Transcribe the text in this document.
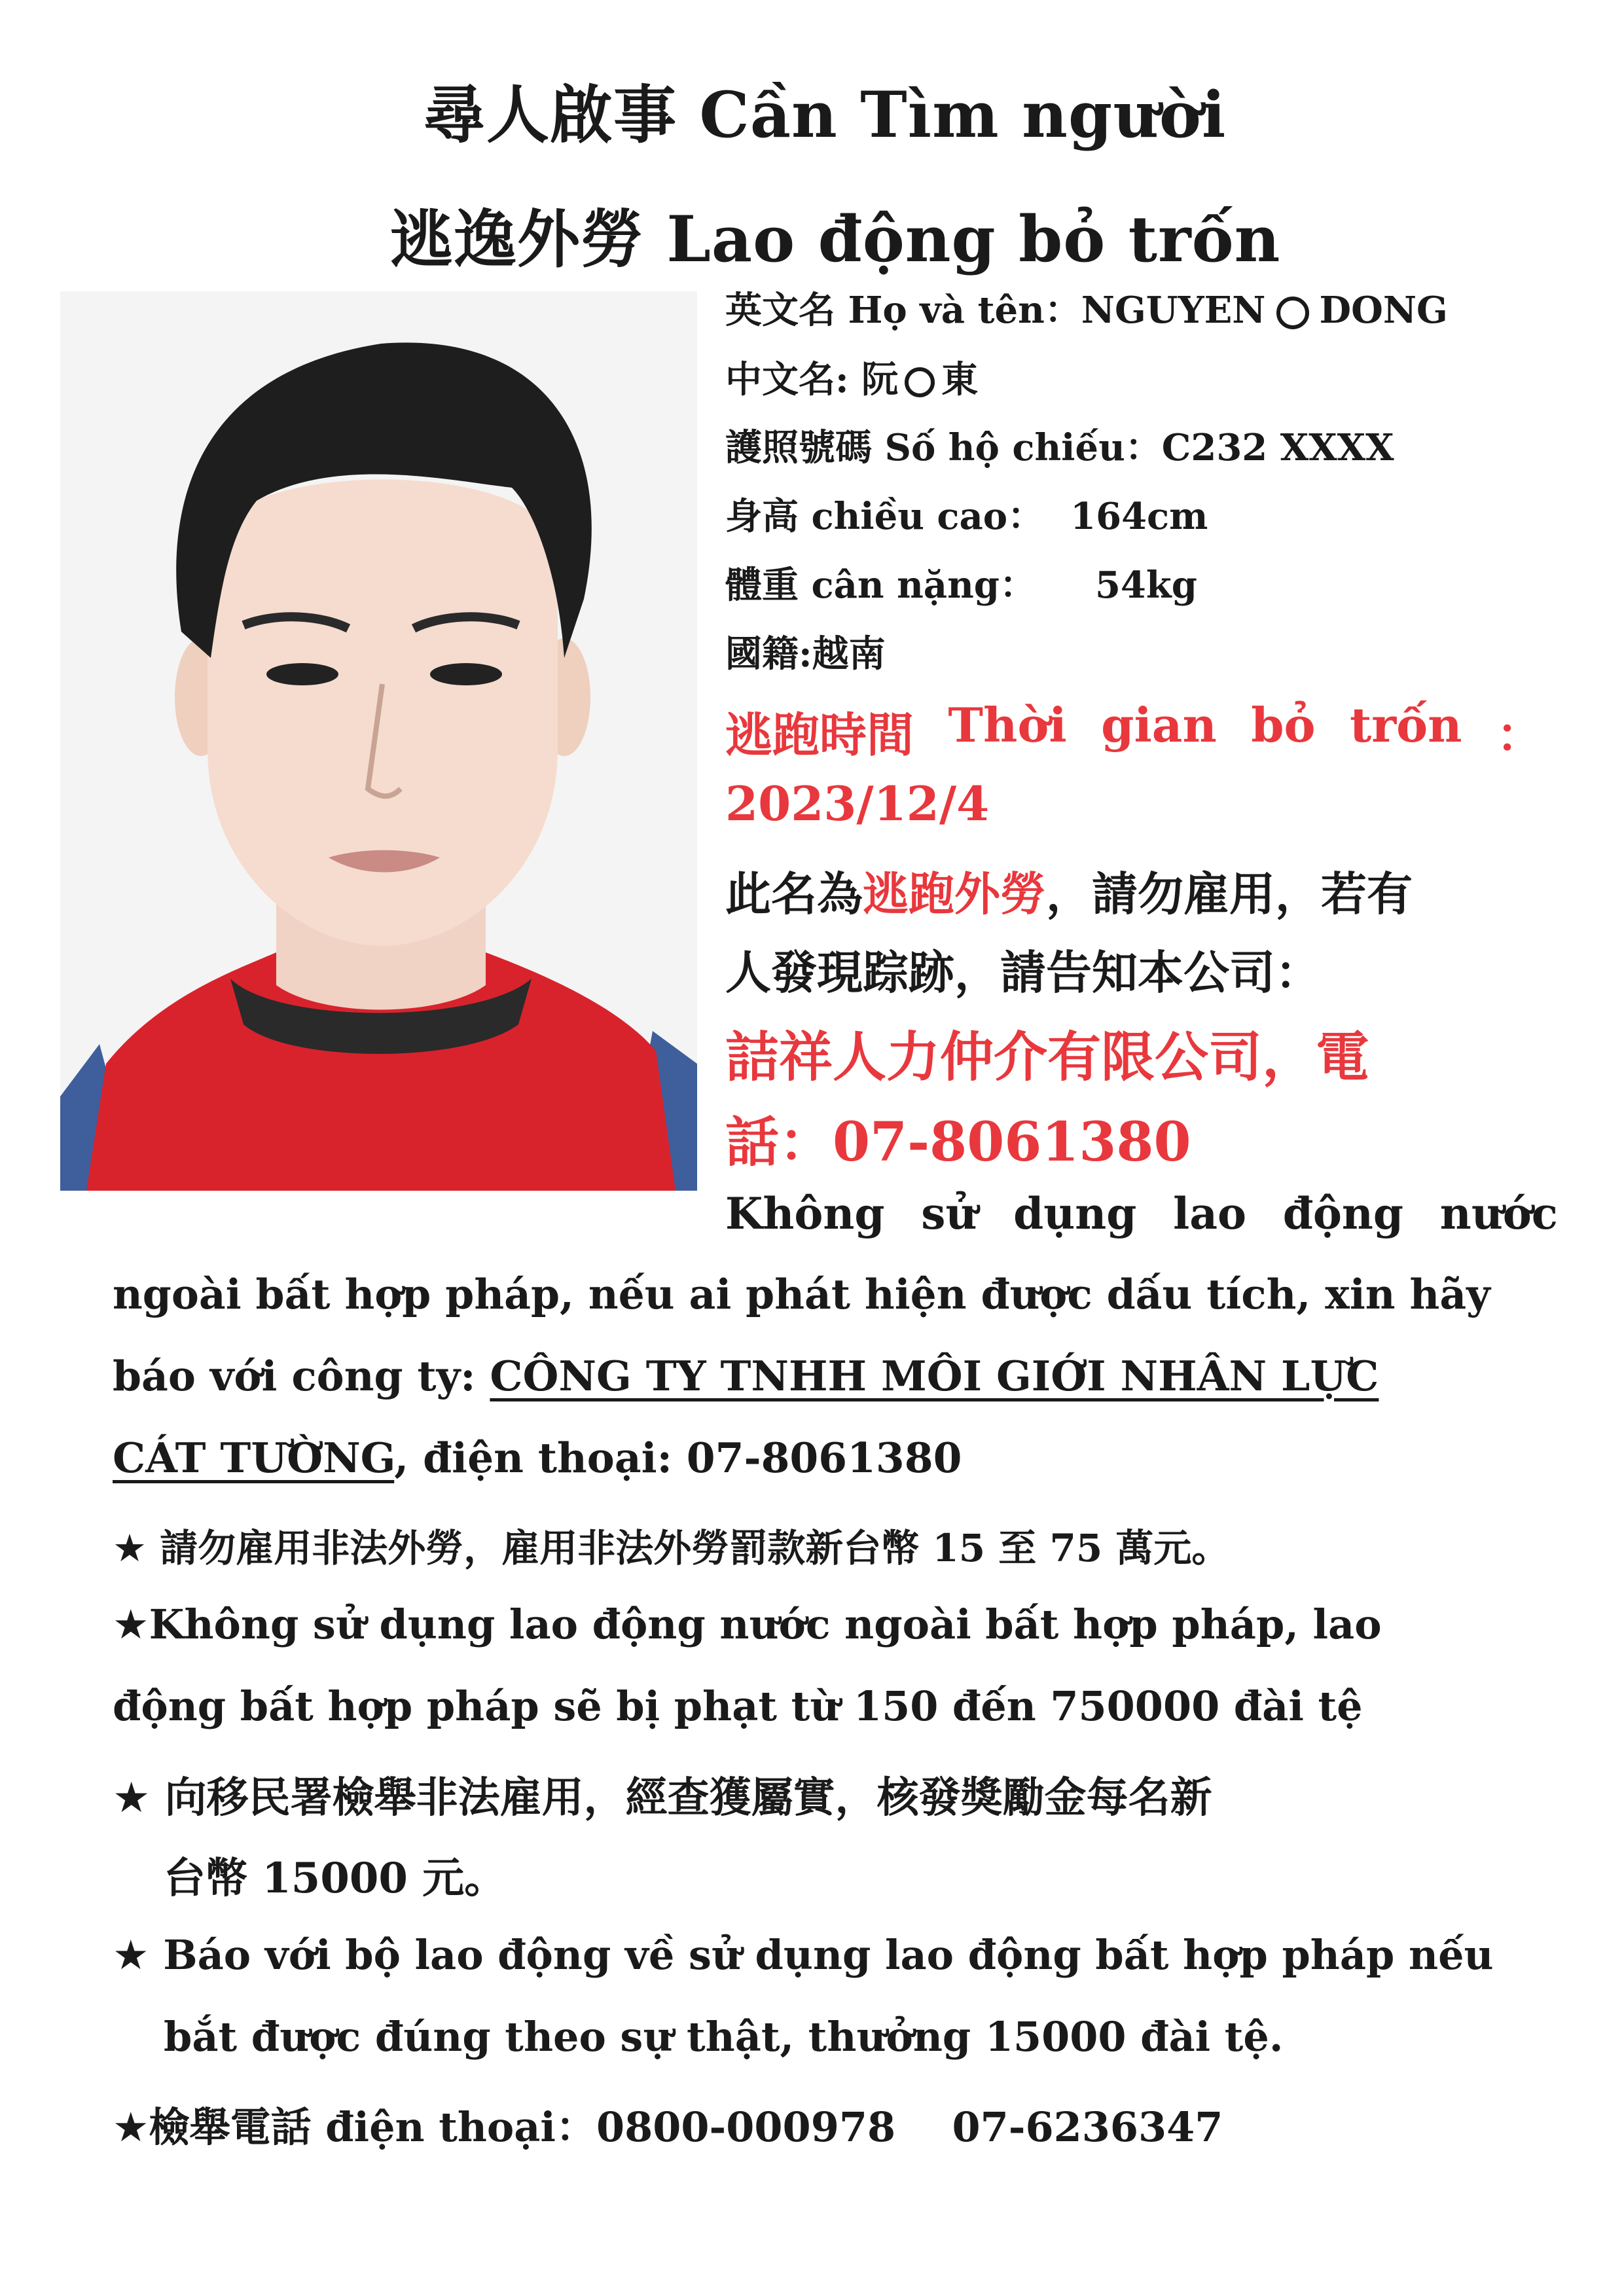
尋人啟事 Cần Tìm người
逃逸外勞 Lao động bỏ trốn
英文名 Họ và tên：NGUYEN DONG
中文名: 阮 東
護照號碼 Số hộ chiếu：C232 XXXX
身高 chiều cao： 164cm
體重 cân nặng： 54kg
國籍:越南
逃跑時間 Thời gian bỏ trốn ：
2023/12/4
此名為逃跑外勞，請勿雇用，若有
人發現踪跡，請告知本公司：
詰祥人力仲介有限公司，電
話：07-8061380
Không sử dụng lao động nước
ngoài bất hợp pháp, nếu ai phát hiện được dấu tích, xin hãy
báo với công ty: CÔNG TY TNHH MÔI GIỚI NHÂN LỰC
CÁT TƯỜNG, điện thoại: 07-8061380
★ 請勿雇用非法外勞，雇用非法外勞罰款新台幣 15 至 75 萬元。
★Không sử dụng lao động nước ngoài bất hợp pháp, lao
động bất hợp pháp sẽ bị phạt từ 150 đến 750000 đài tệ
★ 向移民署檢舉非法雇用，經查獲屬實，核發獎勵金每名新
台幣 15000 元。
★ Báo với bộ lao động về sử dụng lao động bất hợp pháp nếu
bắt được đúng theo sự thật, thưởng 15000 đài tệ.
★檢舉電話 điện thoại：0800-000978    07-6236347
